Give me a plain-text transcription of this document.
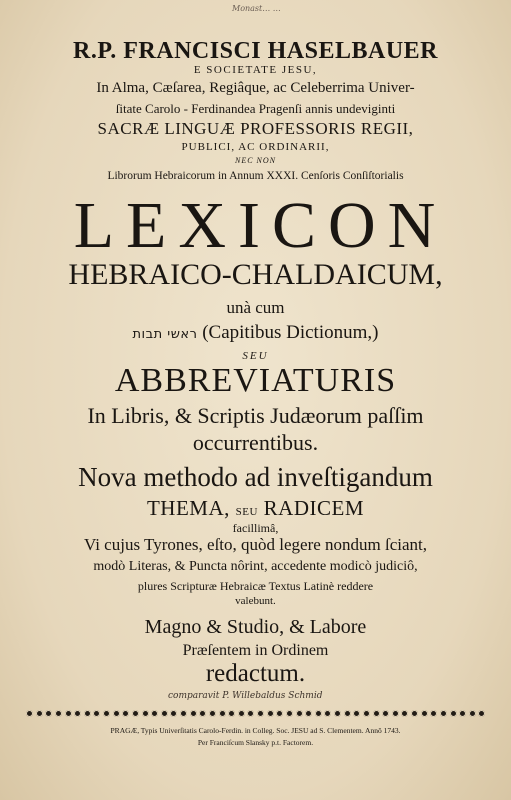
Monast… …
R.P. FRANCISCI HASELBAUER
E SOCIETATE JESU,
In Alma, Cæſarea, Regiâque, ac Celeberrima Univer-
ſitate Carolo - Ferdinandea Pragenſi annis undeviginti
SACRÆ LINGUÆ PROFESSORIS REGII,
PUBLICI, AC ORDINARII,
NEC NON
Librorum Hebraicorum in Annum XXXI. Cenſoris Conſiſtorialis
LEXICON
HEBRAICO-CHALDAICUM,
unà cum
ראשי תבות (Capitibus Dictionum,)
SEU
ABBREVIATURIS
In Libris, & Scriptis Judæorum paſſim
occurrentibus.
Nova methodo ad inveſtigandum
THEMA, SEU RADICEM
facillimâ,
Vi cujus Tyrones, eſto, quòd legere nondum ſciant,
modò Literas, & Puncta nôrint, accedente modicò judiciô,
plures Scripturæ Hebraicæ Textus Latinè reddere
valebunt.
Magno & Studio, & Labore
Præſentem in Ordinem
redactum.
comparavit P. Willebaldus Schmid
PRAGÆ, Typis Univerſitatis Carolo-Ferdin. in Colleg. Soc. JESU ad S. Clementem. Annô 1743.
Per Franciſcum Slansky p.t. Factorem.
